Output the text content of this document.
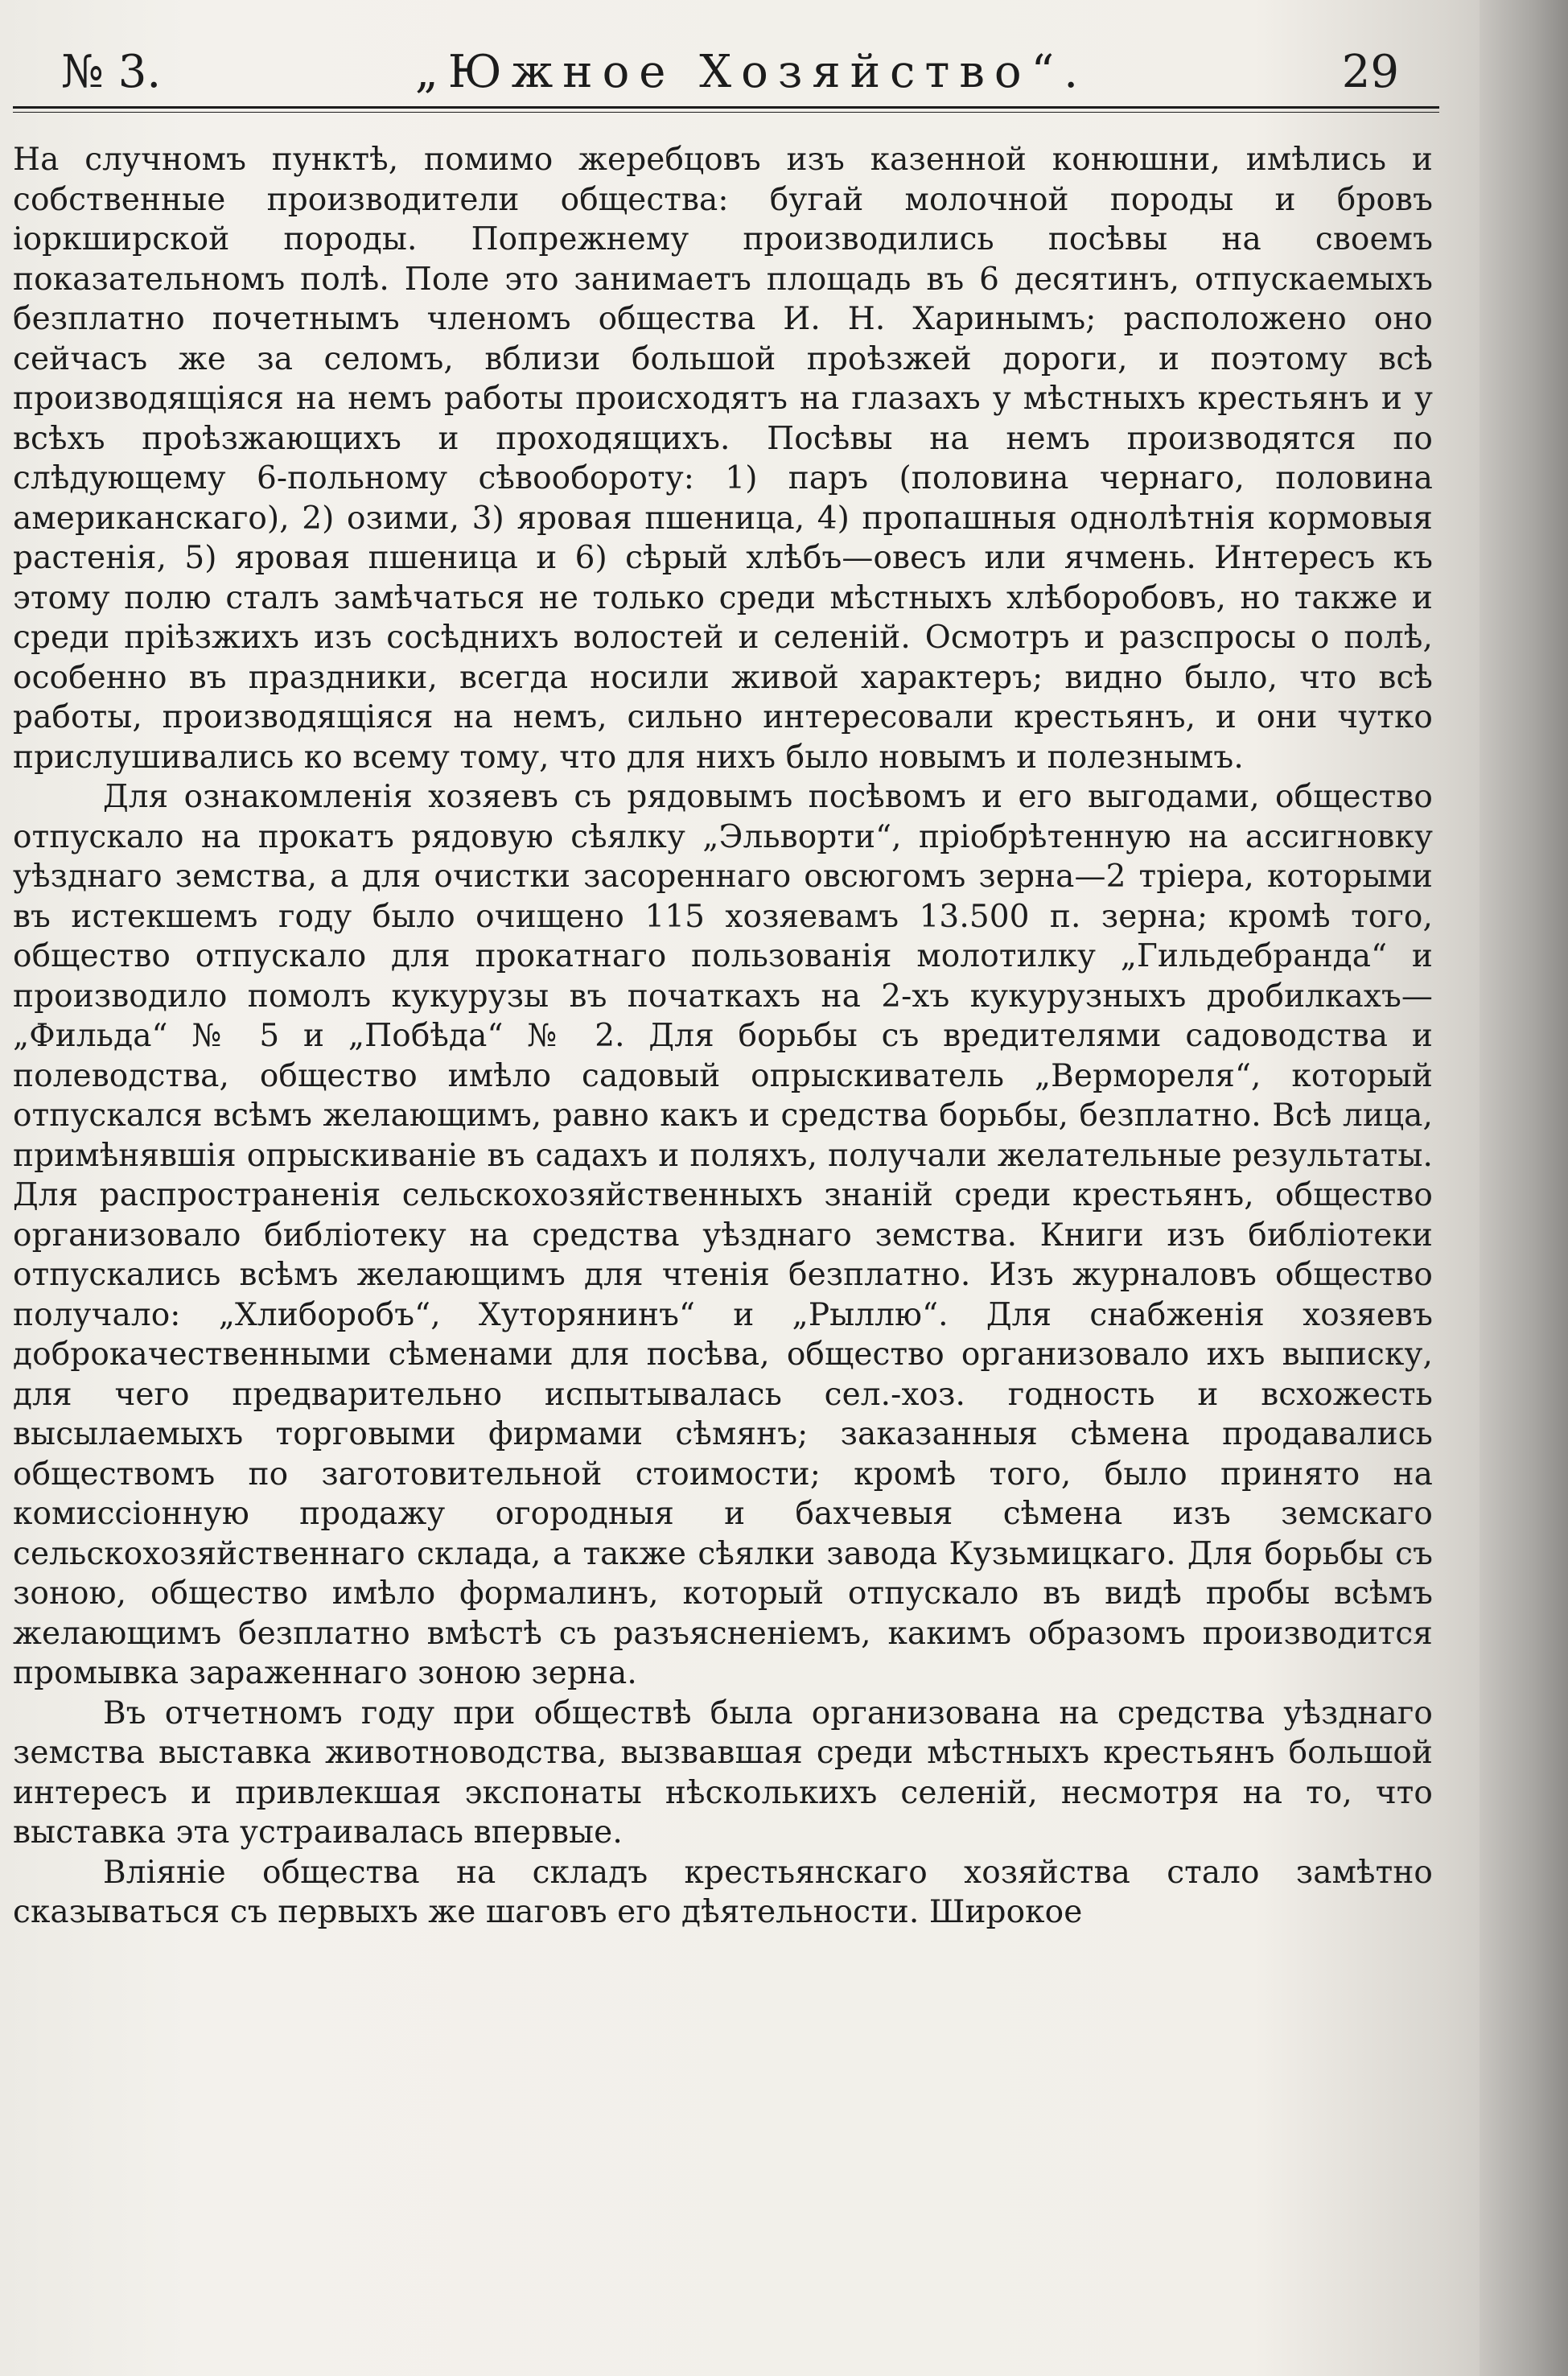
№ 3.	„Южное Хозяйство“.	29

На случномъ пунктѣ, помимо жеребцовъ изъ казенной конюшни, имѣлись и собственные производители общества: бугай молочной породы и бровъ іоркширской породы. Попрежнему производились посѣвы на своемъ показательномъ полѣ. Поле это занимаетъ площадь въ 6 десятинъ, отпускаемыхъ безплатно почетнымъ членомъ общества И. Н. Харинымъ; расположено оно сейчасъ же за селомъ, вблизи большой проѣзжей дороги, и поэтому всѣ производящіяся на немъ работы происходятъ на глазахъ у мѣстныхъ крестьянъ и у всѣхъ проѣзжающихъ и проходящихъ. Посѣвы на немъ производятся по слѣдующему 6-польному сѣвообороту: 1) паръ (половина чернаго, половина американскаго), 2) озими, 3) яровая пшеница, 4) пропашныя однолѣтнія кормовыя растенія, 5) яровая пшеница и 6) сѣрый хлѣбъ—овесъ или ячмень. Интересъ къ этому полю сталъ замѣчаться не только среди мѣстныхъ хлѣборобовъ, но также и среди пріѣзжихъ изъ сосѣднихъ волостей и селеній. Осмотръ и разспросы о полѣ, особенно въ праздники, всегда носили живой характеръ; видно было, что всѣ работы, производящіяся на немъ, сильно интересовали крестьянъ, и они чутко прислушивались ко всему тому, что для нихъ было новымъ и полезнымъ.

Для ознакомленія хозяевъ съ рядовымъ посѣвомъ и его выгодами, общество отпускало на прокатъ рядовую сѣялку „Эльворти“, пріобрѣтенную на ассигновку уѣзднаго земства, а для очистки засореннаго овсюгомъ зерна—2 тріера, которыми въ истекшемъ году было очищено 115 хозяевамъ 13.500 п. зерна; кромѣ того, общество отпускало для прокатнаго пользованія молотилку „Гильдебранда“ и производило помолъ кукурузы въ початкахъ на 2-хъ кукурузныхъ дробилкахъ—„Фильда“ № 5 и „Побѣда“ № 2. Для борьбы съ вредителями садоводства и полеводства, общество имѣло садовый опрыскиватель „Вермореля“, который отпускался всѣмъ желающимъ, равно какъ и средства борьбы, безплатно. Всѣ лица, примѣнявшія опрыскиваніе въ садахъ и поляхъ, получали желательные результаты. Для распространенія сельскохозяйственныхъ знаній среди крестьянъ, общество организовало библіотеку на средства уѣзднаго земства. Книги изъ библіотеки отпускались всѣмъ желающимъ для чтенія безплатно. Изъ журналовъ общество получало: „Хлиборобъ“, Хуторянинъ“ и „Рыллю“. Для снабженія хозяевъ доброкачественными сѣменами для посѣва, общество организовало ихъ выписку, для чего предварительно испытывалась сел.-хоз. годность и всхожесть высылаемыхъ торговыми фирмами сѣмянъ; заказанныя сѣмена продавались обществомъ по заготовительной стоимости; кромѣ того, было принято на комиссіонную продажу огородныя и бахчевыя сѣмена изъ земскаго сельскохозяйственнаго склада, а также сѣялки завода Кузьмицкаго. Для борьбы съ зоною, общество имѣло формалинъ, который отпускало въ видѣ пробы всѣмъ желающимъ безплатно вмѣстѣ съ разъясненіемъ, какимъ образомъ производится промывка зараженнаго зоною зерна.

Въ отчетномъ году при обществѣ была организована на средства уѣзднаго земства выставка животноводства, вызвавшая среди мѣстныхъ крестьянъ большой интересъ и привлекшая экспонаты нѣсколькихъ селеній, несмотря на то, что выставка эта устраивалась впервые.

Вліяніе общества на складъ крестьянскаго хозяйства стало замѣтно сказываться съ первыхъ же шаговъ его дѣятельности. Широкое
